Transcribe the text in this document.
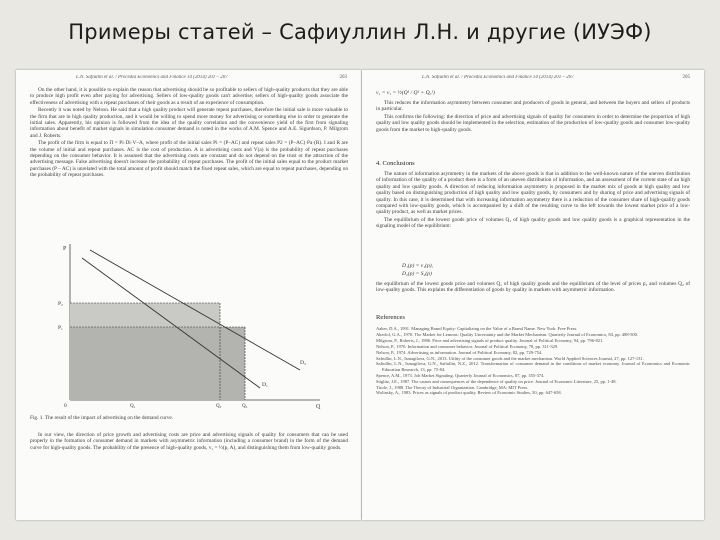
Примеры статей – Сафиуллин Л.Н. и другие (ИУЭФ)
L.N. Safiullin et al. / Procedia Economics and Finance 14 (2014) 201 – 207	203

On the other hand, it is possible to explain the reason that advertising should be so profitable to sellers of high-quality products that they are able to produce high profit even after paying for advertising. Sellers of low-quality goods can't advertise; sellers of high-quality goods associate the effectiveness of advertising with a repeat purchases of their goods as a result of an experience of consumption.

Recently it was noted by Nelson. He said that a high quality product will generate repeat purchases, therefore the initial sale is more valuable to the firm that are in high quality production, and it would be willing to spend more money for advertising or something else in order to generate the initial sales. Apparently, his opinion is followed from the idea of the quality correlation and the convenience yield of the first from signaling information about benefit of market signals in simulation consumer demand is noted in the works of A.M. Spence and A.E. Sigurdson, P. Milgrom and J. Roberts.

The profit of the firm is equal to Π = Pi·Di·V–A, where profit of the initial sales Pi = (P–AC) and repeat sales P2 = (P–AC)·Pa·(R). I and R are the volume of initial and repeat purchases. AC is the cost of production. A is advertising costs and V(a) is the probability of repeat purchases depending on the consumer behavior. It is assumed that the advertising costs are constant and do not depend on the trust or the attraction of the advertising message. False advertising doesn't increase the probability of repeat purchases. The profit of the initial sales equal to the product market purchases (P – AC) is unrelated with the total amount of profit should match the fixed repeat sales, which are equal to repeat purchases, depending on the probability of repeat purchases.

P
Q
P₂
P₁
D₁
D₂
0	Q₁	Q₂	Q₃
Fig. 1. The result of the impact of advertising on the demand curve.

In our view, the direction of price growth and advertising costs are price and advertising signals of quality for consumers that can be used properly in the formation of consumer demand in markets with asymmetric information (including a consumer brand) in the form of the demand curve for high-quality goods. The probability of the presence of high-quality goods, v₁ = ½(p, A), and distinguishing them from low-quality goods.

L.N. Safiullin et al. / Procedia Economics and Finance 14 (2014) 201 – 207	205
v₁ = v₁ = ½(Q¹ / Q¹ + Q₀¹)

This reduces the information asymmetry between consumer and producers of goods in general, and between the buyers and sellers of products in particular.

This confirms the following: the direction of price and advertising signals of quality for consumers in order to determine the proportion of high quality and low quality goods should be implemented in the selection, estimation of the production of low-quality goods and consumer low-quality goods from the market to high-quality goods.

4. Conclusions

The nature of information asymmetry in the markets of the above goods is that in addition to the well-known nature of the uneven distribution of information of the quality of a product there is a form of an uneven distribution of information, and an assessment of the current state of an high quality and low quality goods. A direction of reducing information asymmetry is proposed in the market mix of goods at high quality and low quality based on distinguishing production of high quality and low quality goods, by consumers and by sharing of price and advertising signals of quality. In this case, it is determined that with increasing information asymmetry there is a reduction of the consumer share of high-quality goods compared with low-quality goods, which is accompanied by a shift of the resulting curve to the left towards the lowest market price of a low-quality product, as well as market prices.

The equilibrium of the lowest goods price of volumes Q₁ of high quality goods and low quality goods is a graphical representation in the signaling model of the equilibrium:

D₁(p) = v₁(p),
D₂(p) = S₂(p)

the equilibrium of the lowest goods price and volumes Q₁ of high quality goods and the equilibrium of the level of prices p₂ and volumes Q₂ of low-quality goods. This explains the differentiation of goods by quality in markets with asymmetric information.

References
Aaker, D.A., 1991. Managing Brand Equity: Capitalizing on the Value of a Brand Name. New York: Free Press.
Akerlof, G.A., 1970. The Market for Lemons: Quality Uncertainty and the Market Mechanism. Quarterly Journal of Economics, 84, pp. 488-500.
Milgrom, P., Roberts, J., 1986. Price and advertising signals of product quality. Journal of Political Economy, 94, pp. 796-821.
Nelson, P., 1970. Information and consumer behavior. Journal of Political Economy, 78, pp. 311-329.
Nelson, P., 1974. Advertising as information. Journal of Political Economy, 82, pp. 729-754.
Safiullin, L.N., Ismagilova, G.N., 2013. Utility of the consumer goods and the market mechanism. World Applied Sciences Journal, 27, pp. 127-131.
Safiullin, L.N., Ismagilova, G.N., Safiullin, N.Z., 2012. Transformation of consumer demand in the conditions of market economy. Journal of Economics and Economic Education Research, 13, pp. 75-84.
Spence, A.M., 1973. Job Market Signaling. Quarterly Journal of Economics, 87, pp. 355-374.
Stiglitz, J.E., 1987. The causes and consequences of the dependence of quality on price. Journal of Economic Literature, 25, pp. 1-48.
Tirole, J., 1988. The Theory of Industrial Organization. Cambridge, MA: MIT Press.
Wolinsky, A., 1983. Prices as signals of product quality. Review of Economic Studies, 50, pp. 647-658.
